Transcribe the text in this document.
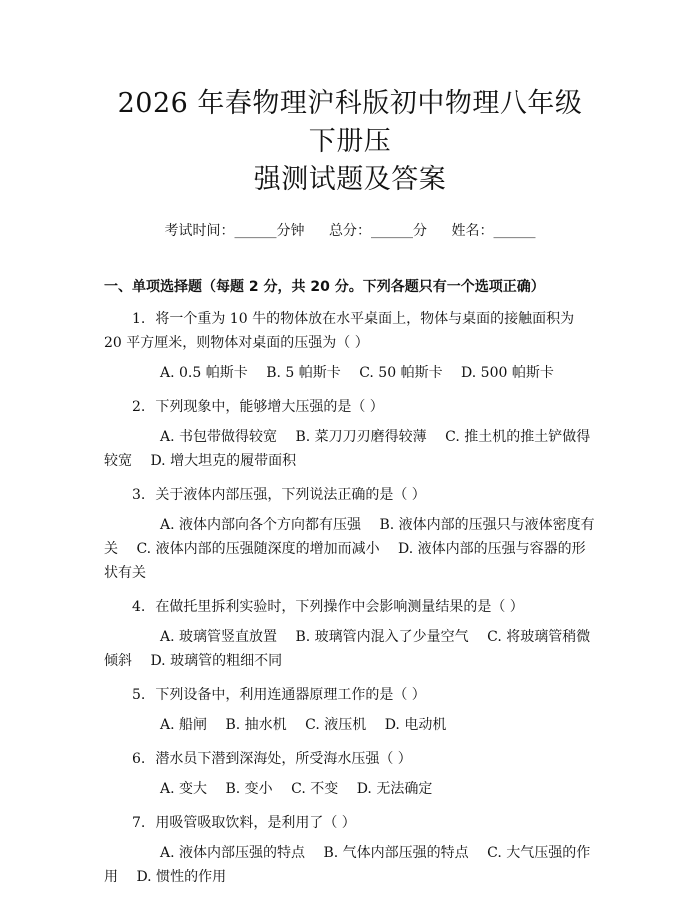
2026 年春物理沪科版初中物理八年级下册压
强测试题及答案
考试时间：______分钟 总分：______分 姓名：______
一、单项选择题（每题 2 分，共 20 分。下列各题只有一个选项正确）
1. 将一个重为 10 牛的物体放在水平桌面上，物体与桌面的接触面积为 20 平方厘米，则物体对桌面的压强为（ ）
A. 0.5 帕斯卡 B. 5 帕斯卡 C. 50 帕斯卡 D. 500 帕斯卡
2. 下列现象中，能够增大压强的是（ ）
A. 书包带做得较宽 B. 菜刀刀刃磨得较薄 C. 推土机的推土铲做得较宽 D. 增大坦克的履带面积
3. 关于液体内部压强，下列说法正确的是（ ）
A. 液体内部向各个方向都有压强 B. 液体内部的压强只与液体密度有关 C. 液体内部的压强随深度的增加而减小 D. 液体内部的压强与容器的形状有关
4. 在做托里拆利实验时，下列操作中会影响测量结果的是（ ）
A. 玻璃管竖直放置 B. 玻璃管内混入了少量空气 C. 将玻璃管稍微倾斜 D. 玻璃管的粗细不同
5. 下列设备中，利用连通器原理工作的是（ ）
A. 船闸 B. 抽水机 C. 液压机 D. 电动机
6. 潜水员下潜到深海处，所受海水压强（ ）
A. 变大 B. 变小 C. 不变 D. 无法确定
7. 用吸管吸取饮料，是利用了（ ）
A. 液体内部压强的特点 B. 气体内部压强的特点 C. 大气压强的作用 D. 惯性的作用
